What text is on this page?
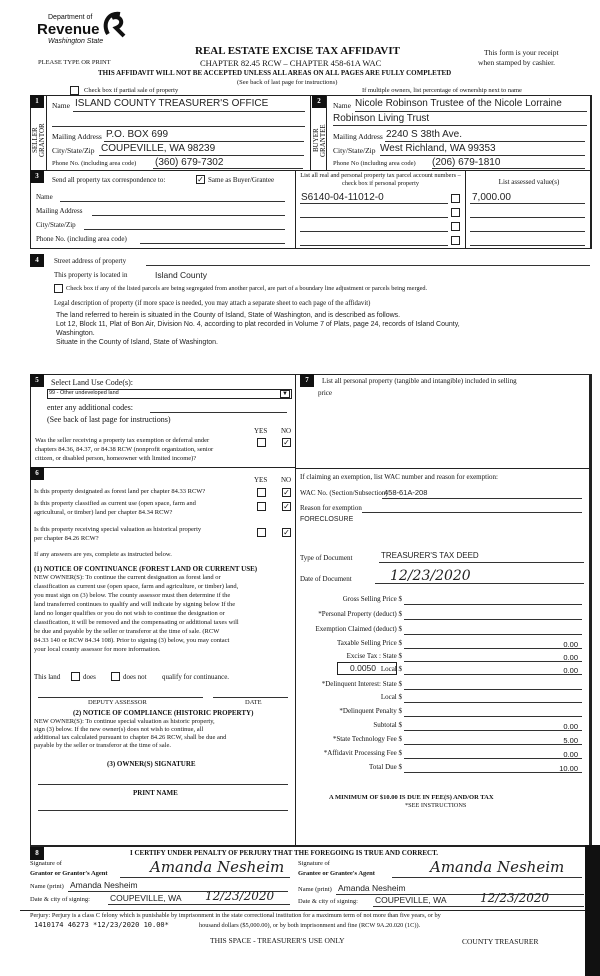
Department of
Revenue
Washington State
REAL ESTATE EXCISE TAX AFFIDAVIT
PLEASE TYPE OR PRINT	CHAPTER 82.45 RCW – CHAPTER 458-61A WAC
This form is your receipt
when stamped by cashier.
THIS AFFIDAVIT WILL NOT BE ACCEPTED UNLESS ALL AREAS ON ALL PAGES ARE FULLY COMPLETED
(See back of last page for instructions)
Check box if partial sale of property	If multiple owners, list percentage of ownership next to name
1
SELLER GRANTOR
Name ISLAND COUNTY TREASURER'S OFFICE
Mailing Address P.O. BOX 699
City/State/Zip COUPEVILLE, WA 98239
Phone No. (including area code) (360) 679-7302
2
BUYER GRANTEE
Name Nicole Robinson Trustee of the Nicole Lorraine
Robinson Living Trust
Mailing Address 2240 S 38th Ave.
City/State/Zip West Richland, WA 99353
Phone No (including area code) (206) 679-1810
3	Send all property tax correspondence to:	✓ Same as Buyer/Grantee
Name
Mailing Address
City/State/Zip
Phone No. (including area code)
List all real and personal property tax parcel account numbers – check box if personal property	List assessed value(s)
S6140-04-11012-0	7,000.00
4	Street address of property
This property is located in	Island County
Check box if any of the listed parcels are being segregated from another parcel, are part of a boundary line adjustment or parcels being merged.
Legal description of property (if more space is needed, you may attach a separate sheet to each page of the affidavit)
The land referred to herein is situated in the County of Island, State of Washington, and is described as follows.
Lot 12, Block 11, Plat of Bon Air, Division No. 4, according to plat recorded in Volume 7 of Plats, page 24, records of Island County,
Washington.
Situate in the County of Island, State of Washington.
5	Select Land Use Code(s):
99 - Other undeveloped land	▼
enter any additional codes:
(See back of last page for instructions)
YES NO
Was the seller receiving a property tax exemption or deferral under
chapters 84.36, 84.37, or 84.38 RCW (nonprofit organization, senior
citizen, or disabled person, homeowner with limited income)?
✓
6
YES NO
Is this property designated as forest land per chapter 84.33 RCW?	✓
Is this property classified as current use (open space, farm and
agricultural, or timber) land per chapter 84.34 RCW?
✓
Is this property receiving special valuation as historical property
per chapter 84.26 RCW?
✓
If any answers are yes, complete as instructed below.
(1) NOTICE OF CONTINUANCE (FOREST LAND OR CURRENT USE)
NEW OWNER(S): To continue the current designation as forest land or
classification as current use (open space, farm and agriculture, or timber) land,
you must sign on (3) below. The county assessor must then determine if the
land transferred continues to qualify and will indicate by signing below If the
land no longer qualifies or you do not wish to continue the designation or
classification, it will be removed and the compensating or additional taxes will
be due and payable by the seller or transferor at the time of sale. (RCW
84.33 140 or RCW 84.34 108). Prior to signing (3) below, you may contact
your local county assessor for more information.
This land	does	does not qualify for continuance.
DEPUTY ASSESSOR	DATE
(2) NOTICE OF COMPLIANCE (HISTORIC PROPERTY)
NEW OWNER(S): To continue special valuation as historic property,
sign (3) below. If the new owner(s) does not wish to continue, all
additional tax calculated pursuant to chapter 84.26 RCW, shall be due and
payable by the seller or transferor at the time of sale.
(3) OWNER(S) SIGNATURE
PRINT NAME
7	List all personal property (tangible and intangible) included in selling
price
If claiming an exemption, list WAC number and reason for exemption:
WAC No. (Section/Subsection)
458-61A-208
Reason for exemption
FORECLOSURE
Type of Document	TREASURER'S TAX DEED
Date of Document	12/23/2020
0.0050
Gross Selling Price $
*Personal Property (deduct) $
Exemption Claimed (deduct) $
Taxable Selling Price $	0.00
Excise Tax : State $	0.00
Local $	0.00
*Delinquent Interest: State $
Local $
*Delinquent Penalty $
Subtotal $	0.00
*State Technology Fee $	5.00
*Affidavit Processing Fee $	0.00
Total Due $	10.00
A MINIMUM OF $10.00 IS DUE IN FEE(S) AND/OR TAX
*SEE INSTRUCTIONS
8	I CERTIFY UNDER PENALTY OF PERJURY THAT THE FOREGOING IS TRUE AND CORRECT.
Signature of
Grantor or Grantor's Agent	Amanda Nesheim
Name (print) Amanda Nesheim
Date & city of signing: COUPEVILLE, WA 12/23/2020
Signature of
Grantee or Grantee's Agent	Amanda Nesheim
Name (print) Amanda Nesheim
Date & city of signing: COUPEVILLE, WA	12/23/2020
Perjury: Perjury is a class C felony which is punishable by imprisonment in the state correctional institution for a maximum term of not more than five years, or by
housand dollars ($5,000.00), or by both imprisonment and fine (RCW 9A.20.020 (1C)).
1410174 46273 *12/23/2020 10.00*
THIS SPACE - TREASURER'S USE ONLY	COUNTY TREASURER
